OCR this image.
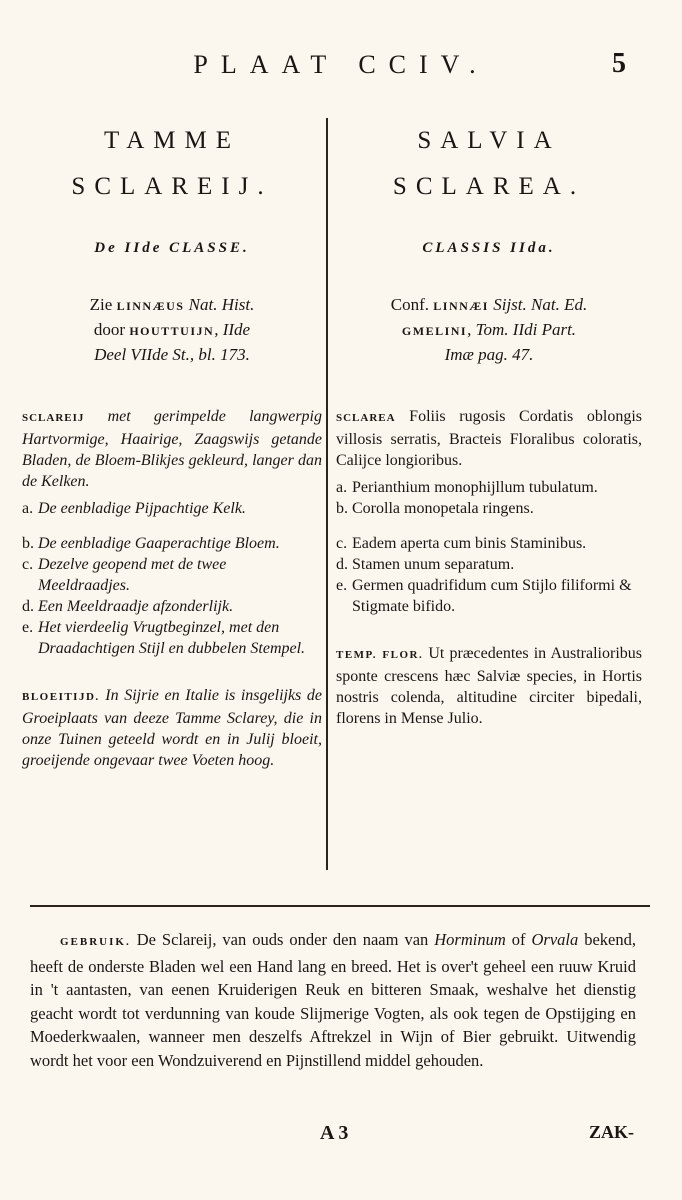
PLAAT CCIV.	5
TAMME
SCLAREIJ.
De IIde CLASSE.
Zie LINNÆUS Nat. Hist.
door HOUTTUIJN, IIde
Deel VIIde St., bl. 173.
SCLAREIJ met gerimpelde langwerpig Hartvormige, Haairige, Zaagswijs getande Bladen, de Bloem-Blikjes gekleurd, langer dan de Kelken.
a. De eenbladige Pijpachtige Kelk.
b. De eenbladige Gaaperachtige Bloem.
c. Dezelve geopend met de twee Meeldraadjes.
d. Een Meeldraadje afzonderlijk.
e. Het vierdeelig Vrugtbeginzel, met den Draadachtigen Stijl en dubbelen Stempel.
BLOEITIJD. In Sijrie en Italie is insgelijks de Groeiplaats van deeze Tamme Sclarey, die in onze Tuinen geteeld wordt en in Julij bloeit, groeijende ongevaar twee Voeten hoog.
SALVIA
SCLAREA.
CLASSIS IIda.
Conf. LINNÆI Sijst. Nat. Ed.
GMELINI, Tom. IIdi Part.
Imæ pag. 47.
SCLAREA Foliis rugosis Cordatis oblongis villosis serratis, Bracteis Floralibus coloratis, Calijce longioribus.
a. Perianthium monophijllum tubulatum.
b. Corolla monopetala ringens.
c. Eadem aperta cum binis Staminibus.
d. Stamen unum separatum.
e. Germen quadrifidum cum Stijlo filiformi & Stigmate bifido.
TEMP. FLOR. Ut præcedentes in Australioribus sponte crescens hæc Salviæ species, in Hortis nostris colenda, altitudine circiter bipedali, florens in Mense Julio.
GEBRUIK. De Sclareij, van ouds onder den naam van Horminum of Orvala bekend, heeft de onderste Bladen wel een Hand lang en breed. Het is over't geheel een ruuw Kruid in 't aantasten, van eenen Kruiderigen Reuk en bitteren Smaak, weshalve het dienstig geacht wordt tot verdunning van koude Slijmerige Vogten, als ook tegen de Opstijging en Moederkwaalen, wanneer men deszelfs Aftrekzel in Wijn of Bier gebruikt. Uitwendig wordt het voor een Wondzuiverend en Pijnstillend middel gehouden.
A 3	ZAK-
